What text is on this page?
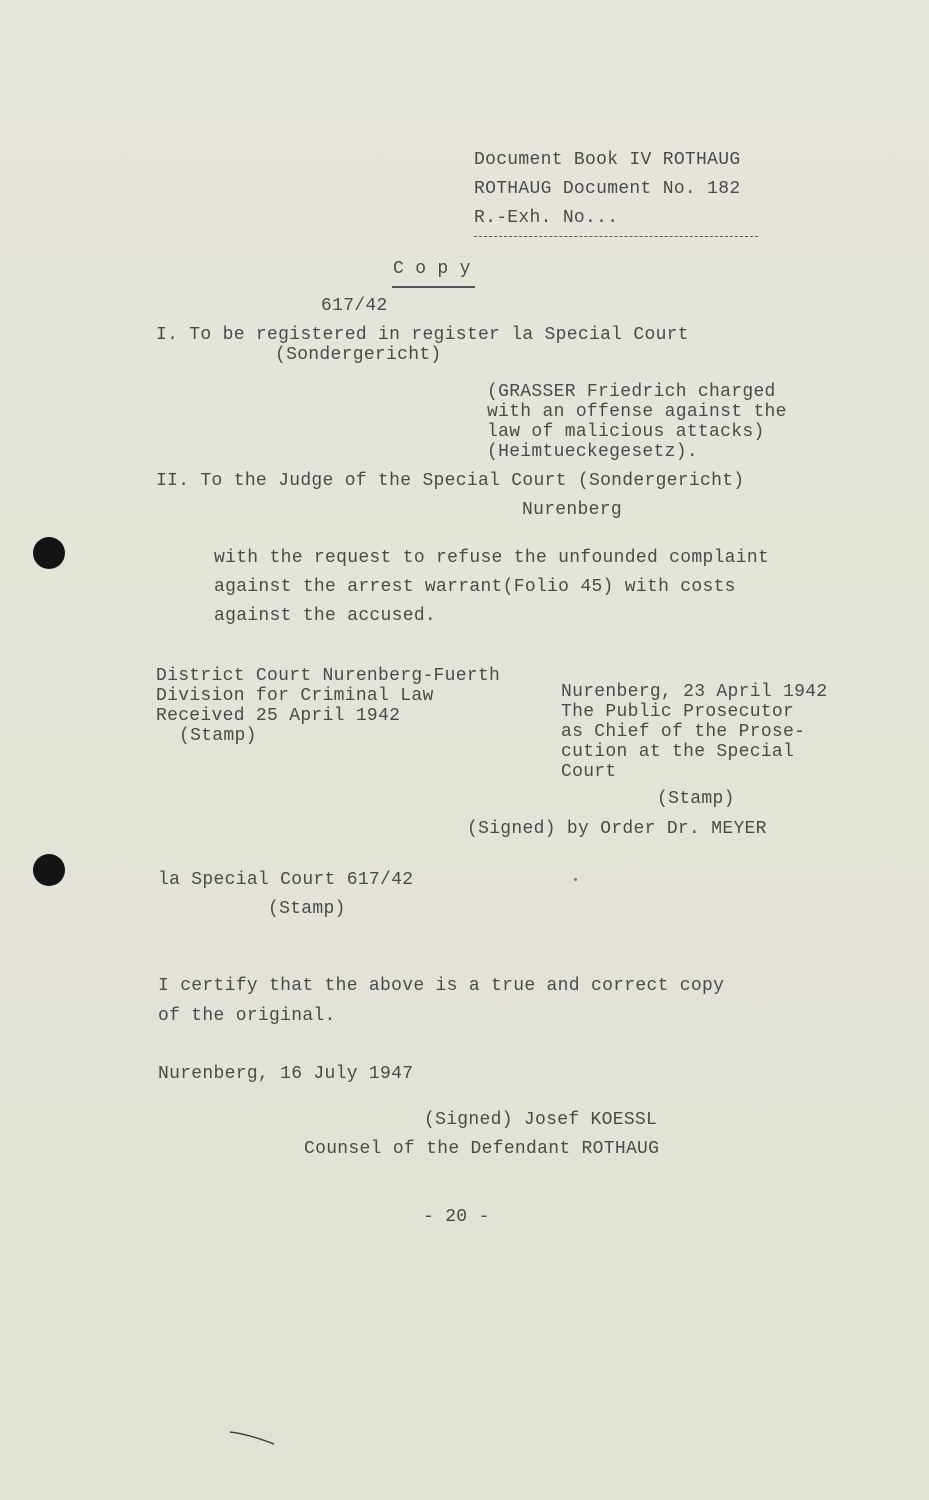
Document Book IV ROTHAUG
ROTHAUG Document No. 182
R.-Exh. No...
C o p y
617/42
I. To be registered in register la Special Court
(Sondergericht)
(GRASSER Friedrich charged
with an offense against the
law of malicious attacks)
(Heimtueckegesetz).
II. To the Judge of the Special Court (Sondergericht)
Nurenberg
with the request to refuse the unfounded complaint
against the arrest warrant(Folio 45) with costs
against the accused.
District Court Nurenberg-Fuerth
Division for Criminal Law
Received 25 April 1942
(Stamp)
Nurenberg, 23 April 1942
The Public Prosecutor
as Chief of the Prose-
cution at the Special
Court
(Stamp)
(Signed) by Order Dr. MEYER
la Special Court 617/42
(Stamp)
I certify that the above is a true and correct copy
of the original.
Nurenberg, 16 July 1947
(Signed) Josef KOESSL
Counsel of the Defendant ROTHAUG
- 20 -
